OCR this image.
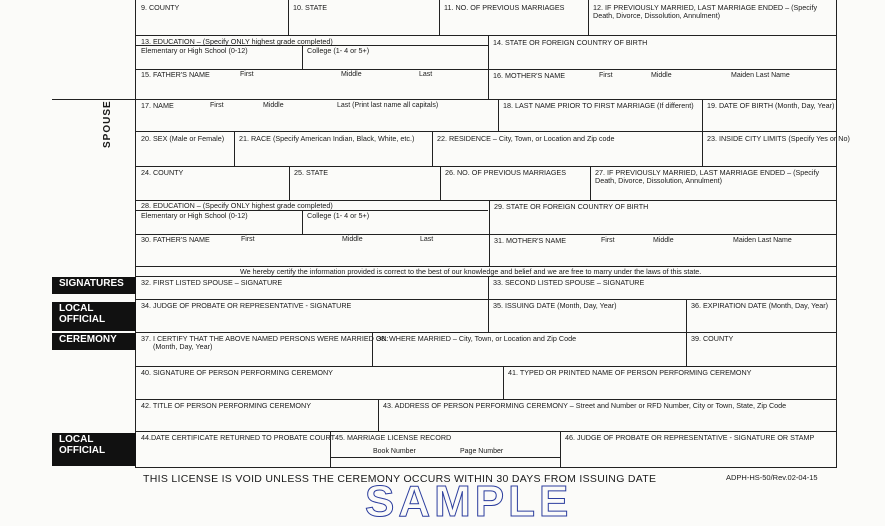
9. COUNTY	10. STATE	11. NO. OF PREVIOUS MARRIAGES	12. IF PREVIOUSLY MARRIED, LAST MARRIAGE ENDED – (Specify Death, Divorce, Dissolution, Annulment)
13. EDUCATION – (Specify ONLY highest grade completed)
Elementary or High School (0-12)	College (1- 4 or 5+)
14. STATE OR FOREIGN COUNTRY OF BIRTH
15. FATHER'S NAME	First	Middle	Last	16. MOTHER'S NAME	First	Middle	Maiden Last Name
SPOUSE	17. NAME	First	Middle	Last (Print last name all capitals)	18. LAST NAME PRIOR TO FIRST MARRIAGE (If different)	19. DATE OF BIRTH (Month, Day, Year)
20. SEX (Male or Female)	21. RACE (Specify American Indian, Black, White, etc.)	22. RESIDENCE – City, Town, or Location and Zip code	23. INSIDE CITY LIMITS (Specify Yes or No)
24. COUNTY	25. STATE	26. NO. OF PREVIOUS MARRIAGES	27. IF PREVIOUSLY MARRIED, LAST MARRIAGE ENDED – (Specify Death, Divorce, Dissolution, Annulment)
28. EDUCATION – (Specify ONLY highest grade completed)
Elementary or High School (0-12)	College (1- 4 or 5+)
29. STATE OR FOREIGN COUNTRY OF BIRTH
30. FATHER'S NAME	First	Middle	Last	31. MOTHER'S NAME	First	Middle	Maiden Last Name
We hereby certify the information provided is correct to the best of our knowledge and belief and we are free to marry under the laws of this state.
SIGNATURES
LOCAL
OFFICIAL
CEREMONY
LOCAL
OFFICIAL
32. FIRST LISTED SPOUSE – SIGNATURE	33. SECOND LISTED SPOUSE – SIGNATURE
34. JUDGE OF PROBATE OR REPRESENTATIVE - SIGNATURE	35. ISSUING DATE (Month, Day, Year)	36. EXPIRATION DATE (Month, Day, Year)
37. I CERTIFY THAT THE ABOVE NAMED PERSONS WERE MARRIED ON:
(Month, Day, Year)
38. WHERE MARRIED – City, Town, or Location and Zip Code	39. COUNTY
40. SIGNATURE OF PERSON PERFORMING CEREMONY	41. TYPED OR PRINTED NAME OF PERSON PERFORMING CEREMONY
42. TITLE OF PERSON PERFORMING CEREMONY	43. ADDRESS OF PERSON PERFORMING CEREMONY – Street and Number or RFD Number, City or Town, State, Zip Code
44.DATE CERTIFICATE RETURNED TO PROBATE COURT 45. MARRIAGE LICENSE RECORD
Book Number	Page Number
46. JUDGE OF PROBATE OR REPRESENTATIVE - SIGNATURE OR STAMP
THIS LICENSE IS VOID UNLESS THE CEREMONY OCCURS WITHIN 30 DAYS FROM ISSUING DATE	ADPH-HS-50/Rev.02-04-15
SAMPLE
